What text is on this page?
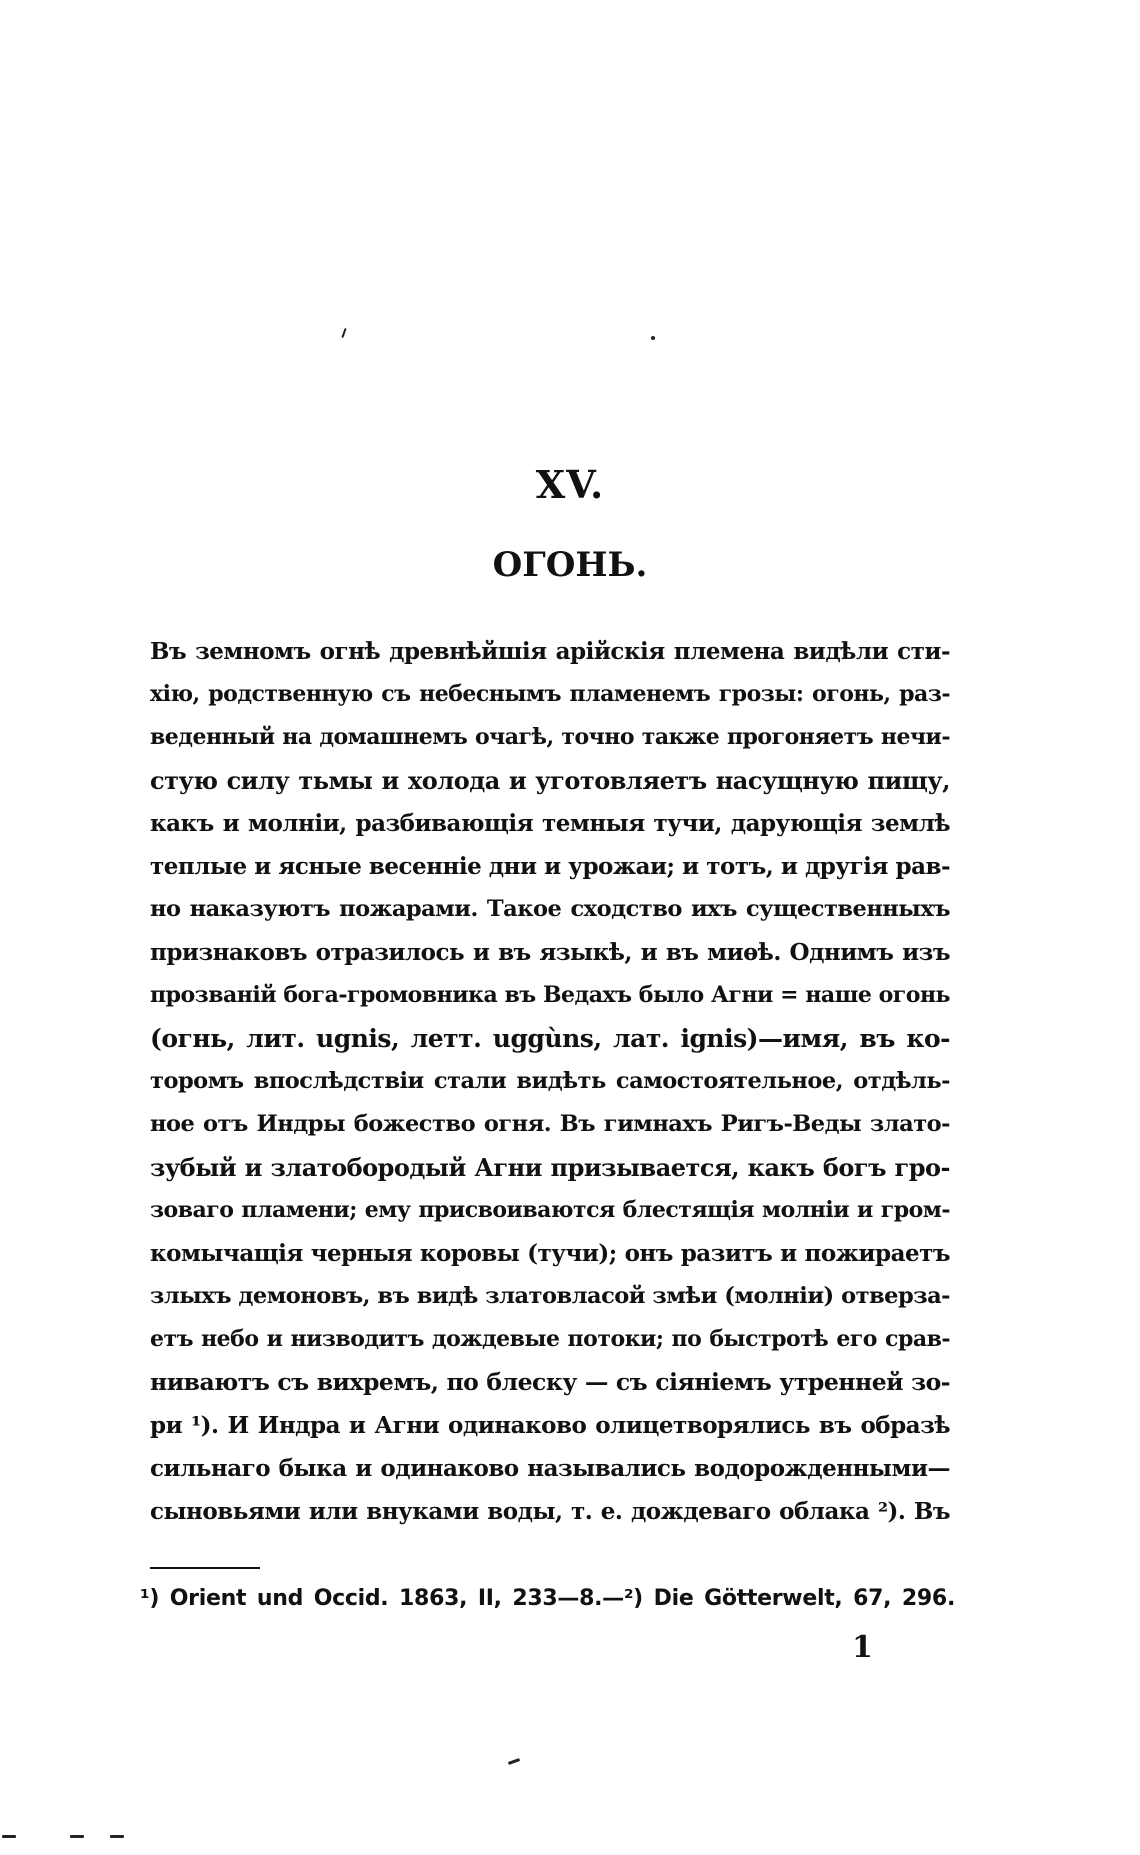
XV.
ОГОНЬ.
Въ земномъ огнѣ древнѣйшія арійскія племена видѣли сти-
хію, родственную съ небеснымъ пламенемъ грозы: огонь, раз-
веденный на домашнемъ очагѣ, точно также прогоняетъ нечи-
стую силу тьмы и холода и уготовляетъ насущную пищу,
какъ и молніи, разбивающія темныя тучи, дарующія землѣ
теплые и ясные весенніе дни и урожаи; и тотъ, и другія рав-
но наказуютъ пожарами. Такое сходство ихъ существенныхъ
признаковъ отразилось и въ языкѣ, и въ миѳѣ. Однимъ изъ
прозваній бога-громовника въ Ведахъ было Агни = наше огонь
(огнь, лит. ugnis, летт. uggùns, лат. ignis)—имя, въ ко-
торомъ впослѣдствіи стали видѣть самостоятельное, отдѣль-
ное отъ Индры божество огня. Въ гимнахъ Ригъ-Веды злато-
зубый и златобородый Агни призывается, какъ богъ гро-
зоваго пламени; ему присвоиваются блестящія молніи и гром-
комычащія черныя коровы (тучи); онъ разитъ и пожираетъ
злыхъ демоновъ, въ видѣ златовласой змѣи (молніи) отверза-
етъ небо и низводитъ дождевые потоки; по быстротѣ его срав-
ниваютъ съ вихремъ, по блеску — съ сіяніемъ утренней зо-
ри ¹). И Индра и Агни одинаково олицетворялись въ образѣ
сильнаго быка и одинаково назывались водорожденными—
сыновьями или внуками воды, т. е. дождеваго облака ²). Въ
¹) Orient und Occid. 1863, II, 233—8.—²) Die Götterwelt, 67, 296.
1
